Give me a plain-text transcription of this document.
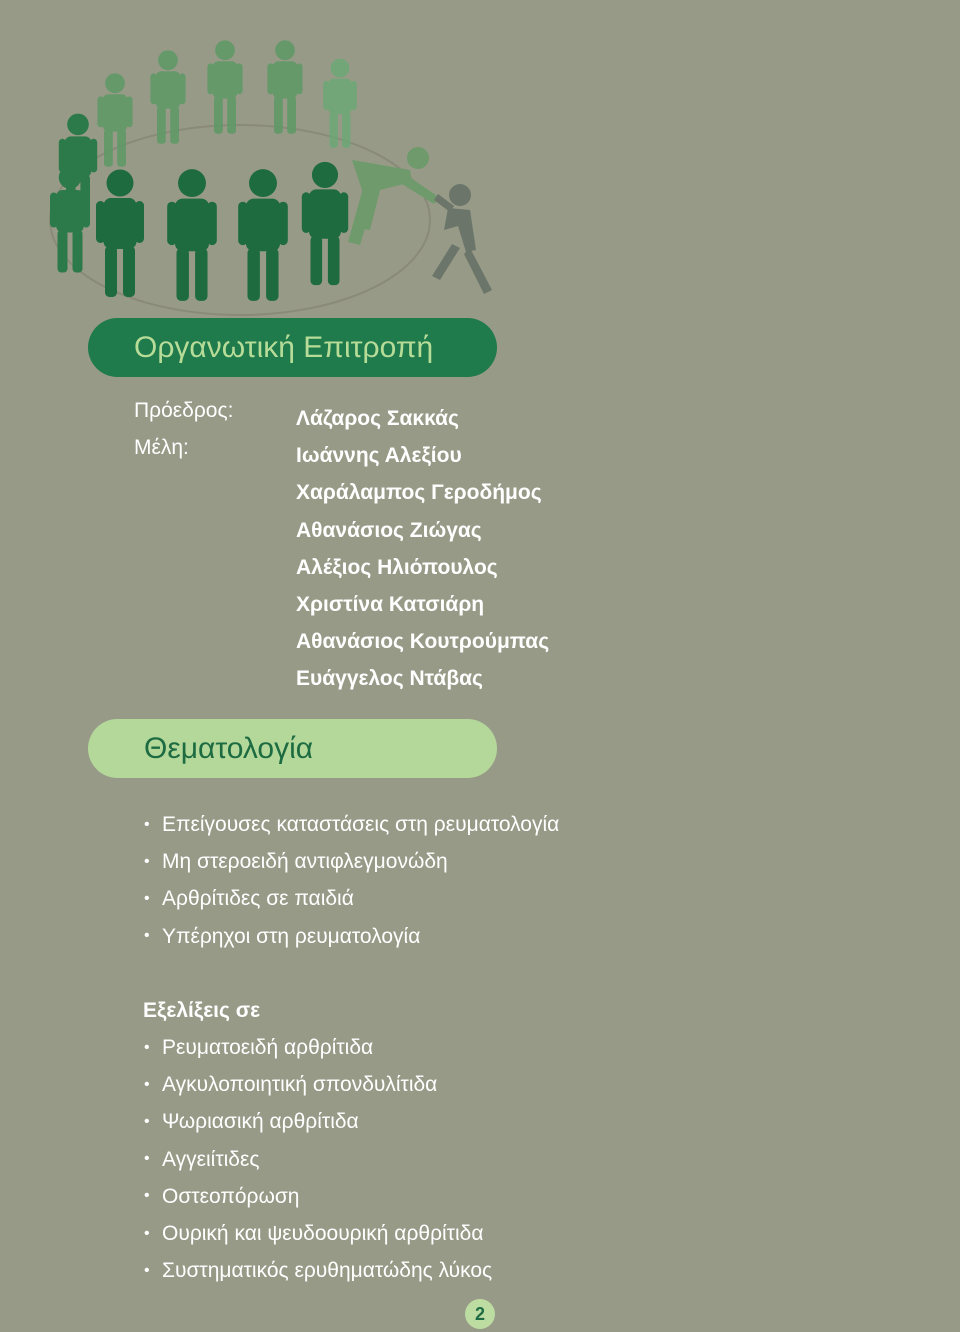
Οργανωτική Επιτροπή
Πρόεδρος:
Μέλη:
Λάζαρος Σακκάς
Ιωάννης Αλεξίου
Χαράλαμπος Γεροδήμος
Αθανάσιος Ζιώγας
Αλέξιος Ηλιόπουλος
Χριστίνα Κατσιάρη
Αθανάσιος Κουτρούμπας
Ευάγγελος Ντάβας
Θεματολογία
• Επείγουσες καταστάσεις στη ρευματολογία
• Μη στεροειδή αντιφλεγμονώδη
• Αρθρίτιδες σε παιδιά
• Υπέρηχοι στη ρευματολογία
Εξελίξεις σε
• Ρευματοειδή αρθρίτιδα
• Αγκυλοποιητική σπονδυλίτιδα
• Ψωριασική αρθρίτιδα
• Αγγειίτιδες
• Οστεοπόρωση
• Ουρική και ψευδοουρική αρθρίτιδα
• Συστηματικός ερυθηματώδης λύκος
2
